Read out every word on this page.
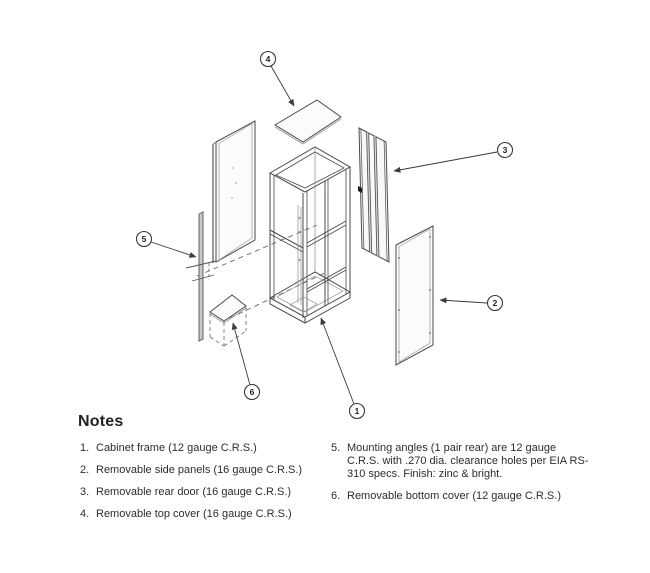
4
3
2
5
6
1
Notes
1. Cabinet frame (12 gauge C.R.S.)
2. Removable side panels (16 gauge C.R.S.)
3. Removable rear door (16 gauge C.R.S.)
4. Removable top cover (16 gauge C.R.S.)
5. Mounting angles (1 pair rear) are 12 gauge C.R.S. with .270 dia. clearance holes per EIA RS-310 specs. Finish: zinc & bright.
6. Removable bottom cover (12 gauge C.R.S.)
